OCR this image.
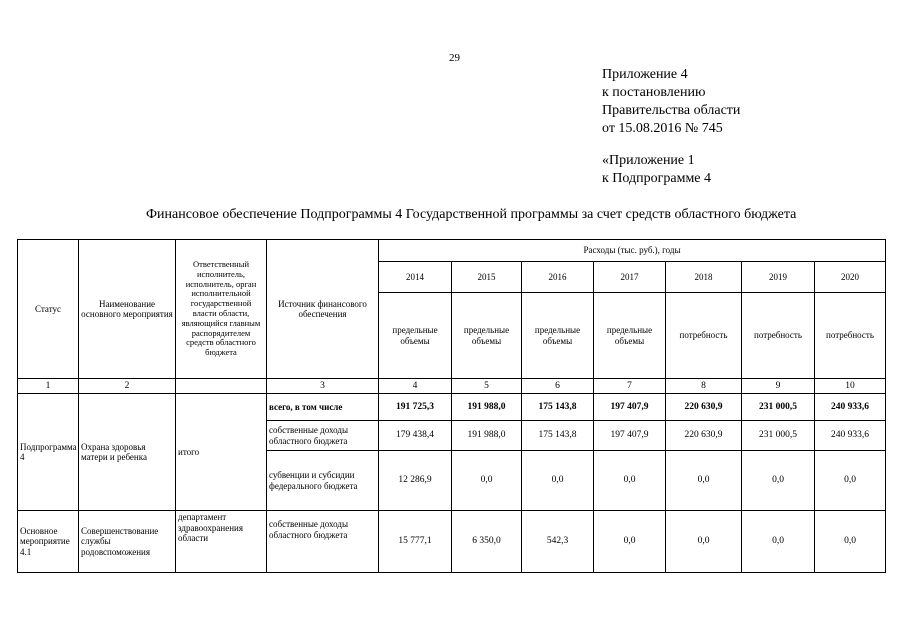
29
Приложение 4
к постановлению
Правительства области
от 15.08.2016 № 745
«Приложение 1
к Подпрограмме 4
Финансовое обеспечение Подпрограммы 4 Государственной программы за счет средств областного бюджета
Статус	Наименование основного мероприятия	Ответственный исполнитель, исполнитель, орган исполнительной государственной власти области, являющийся главным распорядителем средств областного бюджета	Источник финансового обеспечения	Расходы (тыс. руб.), годы						
				2014	2015	2016	2017	2018	2019	2020
				предельные объемы	предельные объемы	предельные объемы	предельные объемы	потребность	потребность	потребность
1	2		3	4	5	6	7	8	9	10
Подпрограмма 4	Охрана здоровья матери и ребенка	итого	всего, в том числе	191 725,3	191 988,0	175 143,8	197 407,9	220 630,9	231 000,5	240 933,6
			собственные доходы областного бюджета	179 438,4	191 988,0	175 143,8	197 407,9	220 630,9	231 000,5	240 933,6
			субвенции и субсидии федерального бюджета	12 286,9	0,0	0,0	0,0	0,0	0,0	0,0
Основное мероприятие 4.1	Совершенствование службы родовспоможения	департамент здравоохранения области	собственные доходы областного бюджета	15 777,1	6 350,0	542,3	0,0	0,0	0,0	0,0
